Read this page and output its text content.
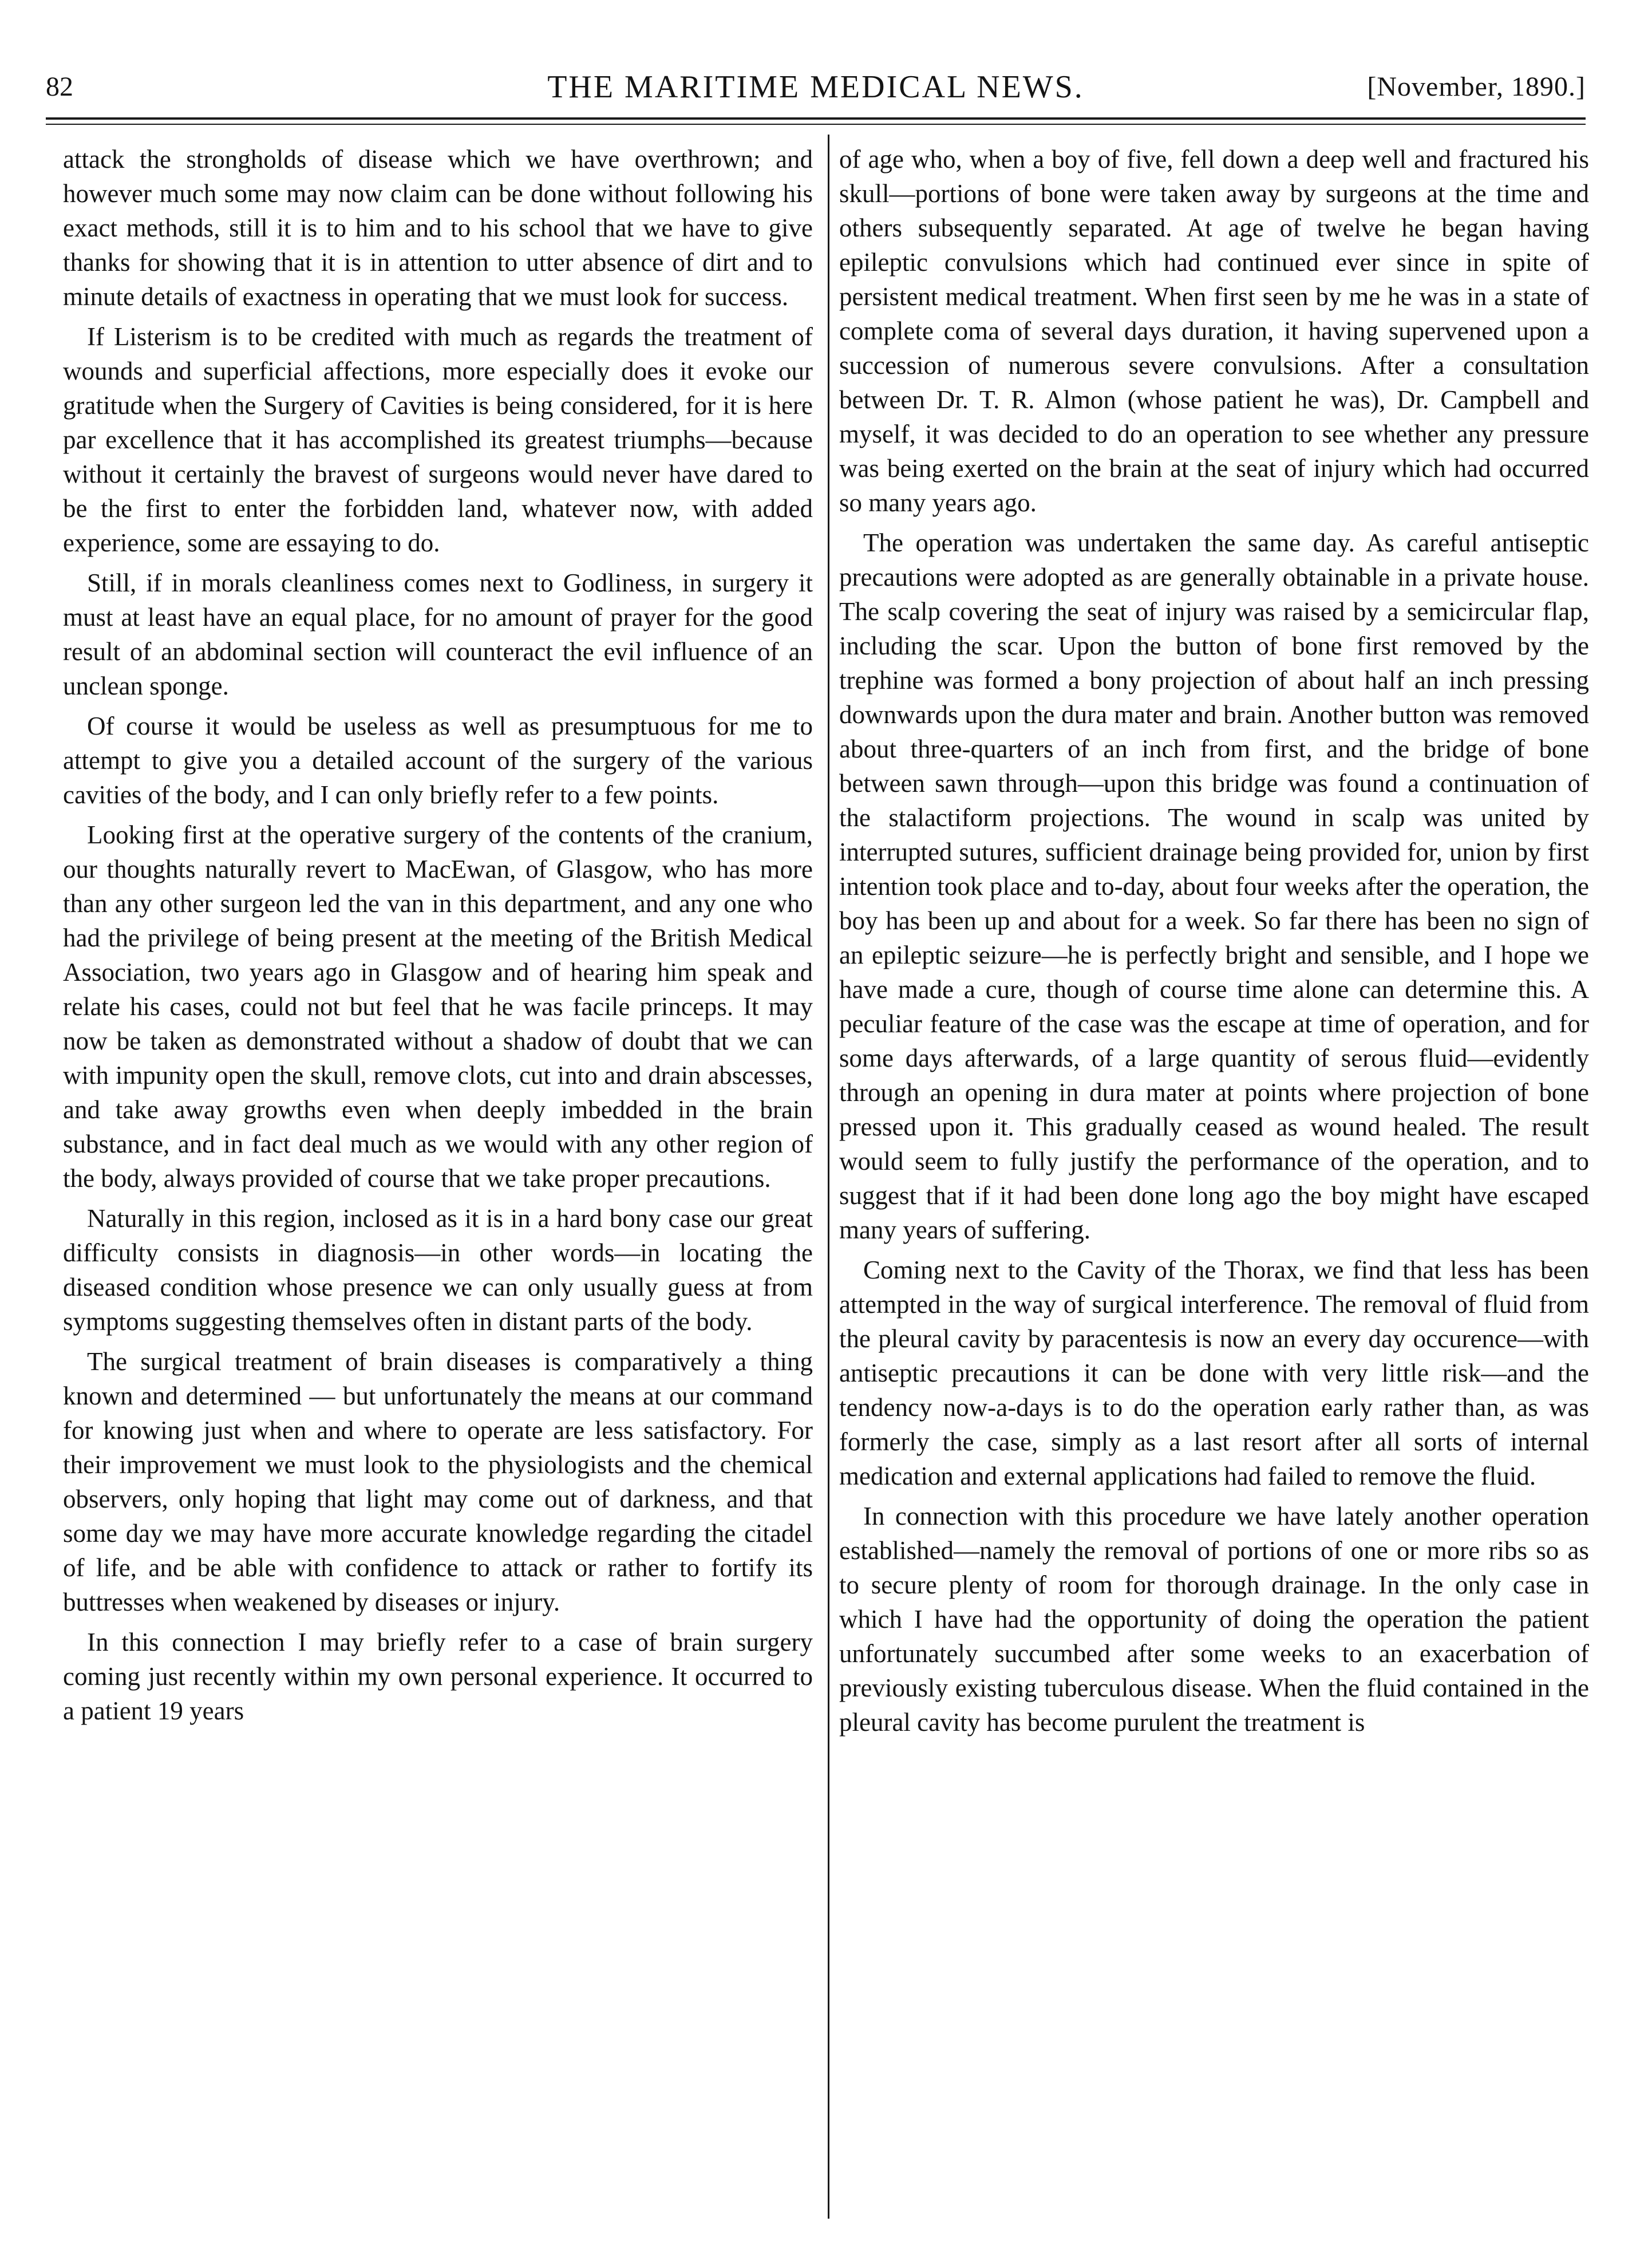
82	THE MARITIME MEDICAL NEWS.	[November, 1890.]

attack the strongholds of disease which we have overthrown; and however much some may now claim can be done without following his exact methods, still it is to him and to his school that we have to give thanks for showing that it is in attention to utter absence of dirt and to minute details of exactness in operating that we must look for success.

If Listerism is to be credited with much as regards the treatment of wounds and superficial affections, more especially does it evoke our gratitude when the Surgery of Cavities is being considered, for it is here par excellence that it has accomplished its greatest triumphs—because without it certainly the bravest of surgeons would never have dared to be the first to enter the forbidden land, whatever now, with added experience, some are essaying to do.

Still, if in morals cleanliness comes next to Godliness, in surgery it must at least have an equal place, for no amount of prayer for the good result of an abdominal section will counteract the evil influence of an unclean sponge.

Of course it would be useless as well as presumptuous for me to attempt to give you a detailed account of the surgery of the various cavities of the body, and I can only briefly refer to a few points.

Looking first at the operative surgery of the contents of the cranium, our thoughts naturally revert to MacEwan, of Glasgow, who has more than any other surgeon led the van in this department, and any one who had the privilege of being present at the meeting of the British Medical Association, two years ago in Glasgow and of hearing him speak and relate his cases, could not but feel that he was facile princeps. It may now be taken as demonstrated without a shadow of doubt that we can with impunity open the skull, remove clots, cut into and drain abscesses, and take away growths even when deeply imbedded in the brain substance, and in fact deal much as we would with any other region of the body, always provided of course that we take proper precautions.

Naturally in this region, inclosed as it is in a hard bony case our great difficulty consists in diagnosis—in other words—in locating the diseased condition whose presence we can only usually guess at from symptoms suggesting themselves often in distant parts of the body.

The surgical treatment of brain diseases is comparatively a thing known and determined — but unfortunately the means at our command for knowing just when and where to operate are less satisfactory. For their improvement we must look to the physiologists and the chemical observers, only hoping that light may come out of darkness, and that some day we may have more accurate knowledge regarding the citadel of life, and be able with confidence to attack or rather to fortify its buttresses when weakened by diseases or injury.

In this connection I may briefly refer to a case of brain surgery coming just recently within my own personal experience. It occurred to a patient 19 years

of age who, when a boy of five, fell down a deep well and fractured his skull—portions of bone were taken away by surgeons at the time and others subsequently separated. At age of twelve he began having epileptic convulsions which had continued ever since in spite of persistent medical treatment. When first seen by me he was in a state of complete coma of several days duration, it having supervened upon a succession of numerous severe convulsions. After a consultation between Dr. T. R. Almon (whose patient he was), Dr. Campbell and myself, it was decided to do an operation to see whether any pressure was being exerted on the brain at the seat of injury which had occurred so many years ago.

The operation was undertaken the same day. As careful antiseptic precautions were adopted as are generally obtainable in a private house. The scalp covering the seat of injury was raised by a semicircular flap, including the scar. Upon the button of bone first removed by the trephine was formed a bony projection of about half an inch pressing downwards upon the dura mater and brain. Another button was removed about three-quarters of an inch from first, and the bridge of bone between sawn through—upon this bridge was found a continuation of the stalactiform projections. The wound in scalp was united by interrupted sutures, sufficient drainage being provided for, union by first intention took place and to-day, about four weeks after the operation, the boy has been up and about for a week. So far there has been no sign of an epileptic seizure—he is perfectly bright and sensible, and I hope we have made a cure, though of course time alone can determine this. A peculiar feature of the case was the escape at time of operation, and for some days afterwards, of a large quantity of serous fluid—evidently through an opening in dura mater at points where projection of bone pressed upon it. This gradually ceased as wound healed. The result would seem to fully justify the performance of the operation, and to suggest that if it had been done long ago the boy might have escaped many years of suffering.

Coming next to the Cavity of the Thorax, we find that less has been attempted in the way of surgical interference. The removal of fluid from the pleural cavity by paracentesis is now an every day occurence—with antiseptic precautions it can be done with very little risk—and the tendency now-a-days is to do the operation early rather than, as was formerly the case, simply as a last resort after all sorts of internal medication and external applications had failed to remove the fluid.

In connection with this procedure we have lately another operation established—namely the removal of portions of one or more ribs so as to secure plenty of room for thorough drainage. In the only case in which I have had the opportunity of doing the operation the patient unfortunately succumbed after some weeks to an exacerbation of previously existing tuberculous disease. When the fluid contained in the pleural cavity has become purulent the treatment is
